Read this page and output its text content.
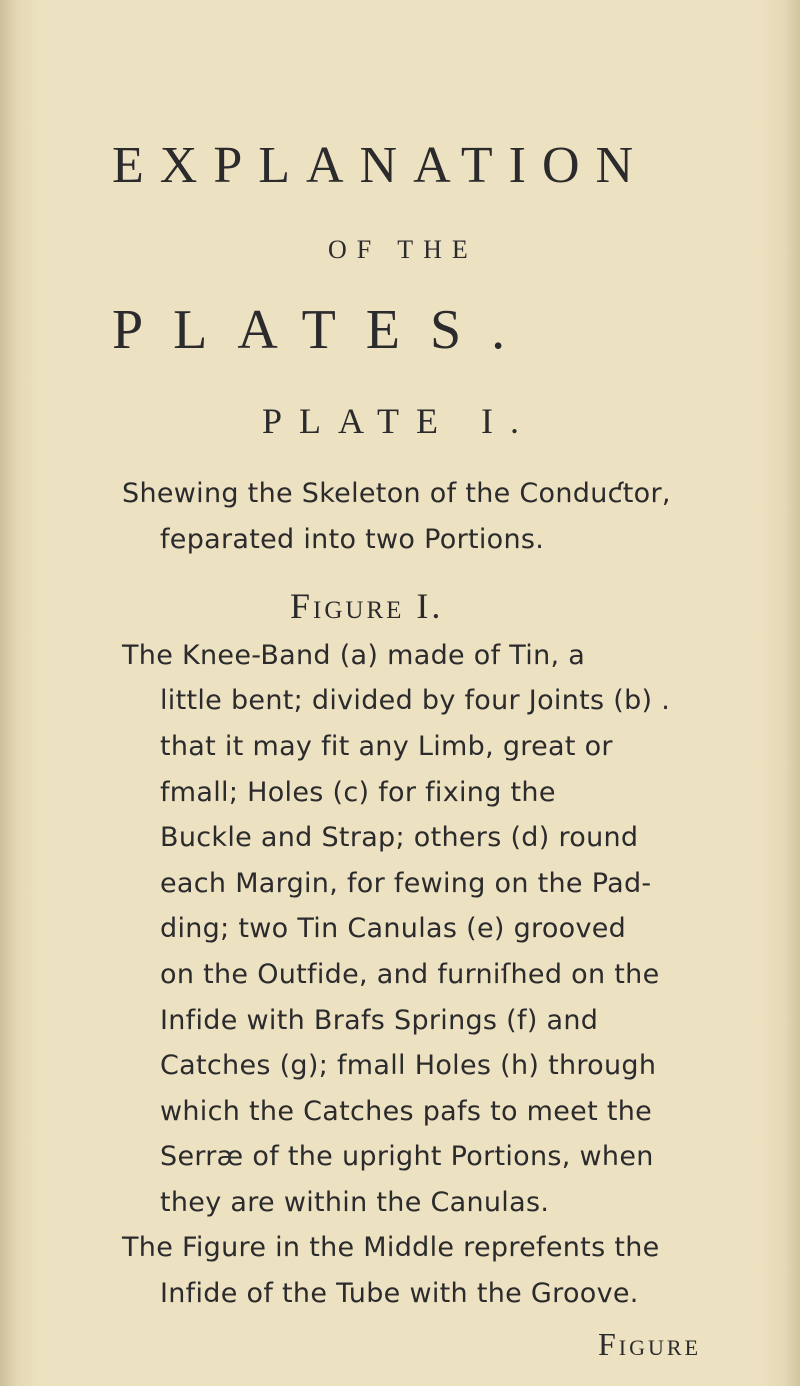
EXPLANATION
OF THE
PLATES.
PLATE I.
Shewing the Skeleton of the Conduƈtor,
feparated into two Portions.
Figure I.
The Knee-Band (a) made of Tin, a
little bent; divided by four Joints (b) .
that it may fit any Limb, great or
fmall; Holes (c) for fixing the
Buckle and Strap; others (d) round
each Margin, for fewing on the Pad-
ding; two Tin Canulas (e) grooved
on the Outfide, and furniſhed on the
Infide with Brafs Springs (f) and
Catches (g); fmall Holes (h) through
which the Catches pafs to meet the
Serræ of the upright Portions, when
they are within the Canulas.
The Figure in the Middle reprefents the
Infide of the Tube with the Groove.
Figure
